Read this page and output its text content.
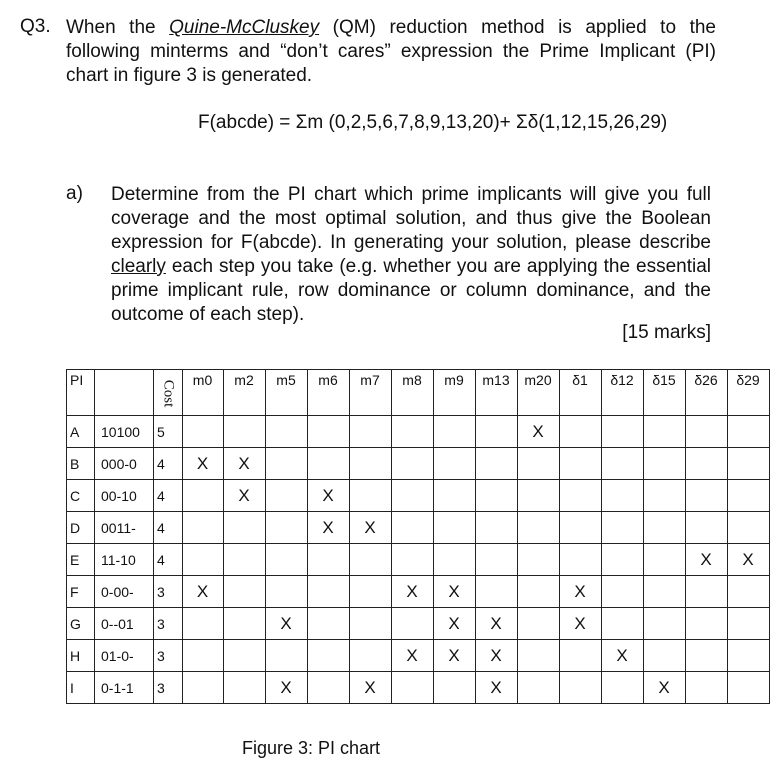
Q3. When the Quine-McCluskey (QM) reduction method is applied to the following minterms and “don’t cares” expression the Prime Implicant (PI) chart in figure 3 is generated.
F(abcde) = Σm (0,2,5,6,7,8,9,13,20)+ Σδ(1,12,15,26,29)
a) Determine from the PI chart which prime implicants will give you full coverage and the most optimal solution, and thus give the Boolean expression for F(abcde). In generating your solution, please describe clearly each step you take (e.g. whether you are applying the essential prime implicant rule, row dominance or column dominance, and the outcome of each step).
[15 marks]
PI		Cost	m0	m2	m5	m6	m7	m8	m9	m13	m20	δ1	δ12	δ15	δ26	δ29
A	10100	5									X					
B	000-0	4	X	X												
C	00-10	4		X		X										
D	0011-	4				X	X									
E	11-10	4													X	X
F	0-00-	3	X					X	X			X				
G	0--01	3			X				X	X		X				
H	01-0-	3						X	X	X			X			
I	0-1-1	3			X		X			X				X		
Figure 3: PI chart
